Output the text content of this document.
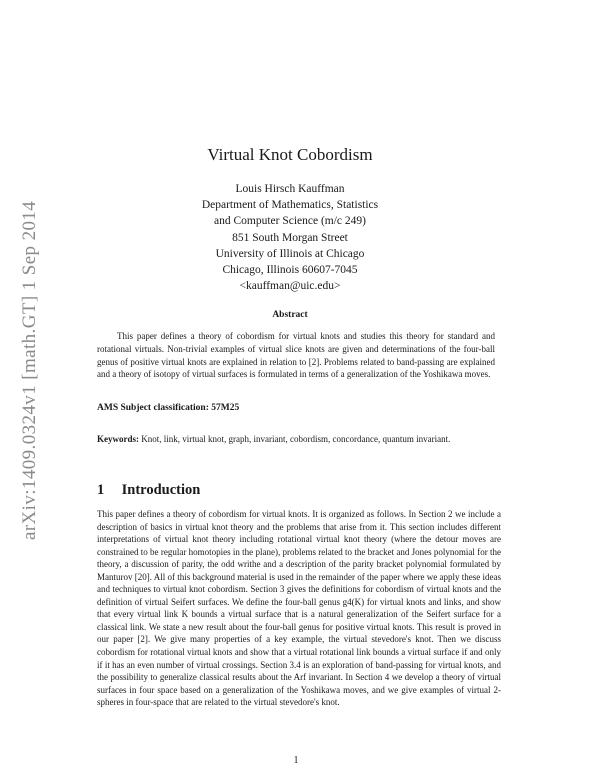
arXiv:1409.0324v1 [math.GT] 1 Sep 2014
Virtual Knot Cobordism
Louis Hirsch Kauffman
Department of Mathematics, Statistics
and Computer Science (m/c 249)
851 South Morgan Street
University of Illinois at Chicago
Chicago, Illinois 60607-7045
<kauffman@uic.edu>
Abstract

This paper defines a theory of cobordism for virtual knots and studies this theory for standard and rotational virtuals. Non-trivial examples of virtual slice knots are given and determinations of the four-ball genus of positive virtual knots are explained in relation to [2]. Problems related to band-passing are explained and a theory of isotopy of virtual surfaces is formulated in terms of a generalization of the Yoshikawa moves.

AMS Subject classification: 57M25

Keywords: Knot, link, virtual knot, graph, invariant, cobordism, concordance, quantum invariant.

1 Introduction

This paper defines a theory of cobordism for virtual knots. It is organized as follows. In Section 2 we include a description of basics in virtual knot theory and the problems that arise from it. This section includes different interpretations of virtual knot theory including rotational virtual knot theory (where the detour moves are constrained to be regular homotopies in the plane), problems related to the bracket and Jones polynomial for the theory, a discussion of parity, the odd writhe and a description of the parity bracket polynomial formulated by Manturov [20]. All of this background material is used in the remainder of the paper where we apply these ideas and techniques to virtual knot cobordism. Section 3 gives the definitions for cobordism of virtual knots and the definition of virtual Seifert surfaces. We define the four-ball genus g4(K) for virtual knots and links, and show that every virtual link K bounds a virtual surface that is a natural generalization of the Seifert surface for a classical link. We state a new result about the four-ball genus for positive virtual knots. This result is proved in our paper [2]. We give many properties of a key example, the virtual stevedore's knot. Then we discuss cobordism for rotational virtual knots and show that a virtual rotational link bounds a virtual surface if and only if it has an even number of virtual crossings. Section 3.4 is an exploration of band-passing for virtual knots, and the possibility to generalize classical results about the Arf invariant. In Section 4 we develop a theory of virtual surfaces in four space based on a generalization of the Yoshikawa moves, and we give examples of virtual 2-spheres in four-space that are related to the virtual stevedore's knot.

1
